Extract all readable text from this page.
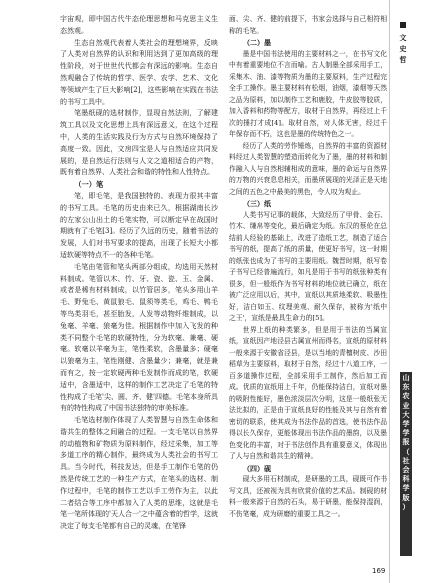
宇宙观，即中国古代牛态伦理思想和马克思主义生态然观。

生态自然观代表着人类社会的理想境界，反映了人类对自然界的认识和利用达到了更加高级的理性阶段，对于世世代代都会有深远的影响。生态自然观融合了传统的哲学、医学、农学、艺术、文化等领域产生了巨大影响[2]，这些影响在实践在书法的书写工具中。

笔墨纸砚的选材制作，显现自然法则，了解建筑工具以及文化思想上具有深远意义，在这个过程中，人类的生活实践及行为方式与自然环境保持了高度一致。因此，文房四宝是人与自然适应共同发展的，是自然运行法则与人文之道相适合的产物，既有着自然界、人类社会和谐的特性和人性特点。

（一）笔

笔，即毛笔，是我国独特的、表现力很其丰富的书写工具。毛笔的历史由来已久，根据湖南长沙的左家公山出土的毛笔实物，可以断定早在战国时期就有了毛笔[3]。经历了久远的历史，随着书法的发展，人们对书写要求的提高，出现了长短大小都适软硬等特点不一的各种毛笔。

毛笔由笔管和笔头两部分组成，均选用天然材料制成。笔管以木、竹、牙、瓷、瓷、玉、金属、或者是稀有材料制成，以竹管居多，笔头多用山羊毛、野兔毛、黄鼠狼毛、鼠须等类毛，鸡毛、鸭毛等鸟类羽毛，甚至胎发，人发等动物纤维制成，以兔毫、羊毫、狼毫为佳。根据制作中加入飞发的种类不同整个毛笔的软硬特性，分为软毫、兼毫、硬毫。软毫以羊毫为主，笔性柔软，含墨量多；硬毫以狼毫为主，笔性刚健、含墨量少；兼毫，就是兼而有之，按一定软硬两种毛发制作而成的笔，软硬适中，含墨适中，这样的制作工艺决定了毛笔的特性构成了毛笔'尖、圆、齐、健'四德。毛笔本身所具有的特性构成了中国书法独特的审美标准。

毛笔选材制作体现了人类智慧与自然生命体和谐共生的整体之间融合的过程。一支毛笔以自然界的动植物和矿物质为原料制作，经过采集，加工等多道工序的精心制作，最终成为人类社会的书写工具。当今时代，科技发达，但是手工制作毛笔的仍然是传统工艺的一种生产方式，在笔头的选材、制作过程中，毛笔的制作工艺以手工劳作为主，以此二者结合等工序中都加入了人类的思维，这就是毛笔一笔所体现的'天人合一'之中蕴含着的哲学，这就决定了每支毛笔都有自己的灵魂，在笔锋

面、尖、齐、健的前提下，书家会选择与自己相符相称的毛笔。

（二）墨

墨是中国书法使用的主要材料之一，在书写文化中有着重要地位不言而喻。古人制墨全部采用手工，采集木、油、漆等物质为墨的主要原料，生产过程完全手工操作。墨主要材料有松烟，油烟，漆烟等天然之品为原料，加以制作工艺和鹿胶，牛皮胶等胶质，加入香料和药物等配方，取材于自然界，再经过上千次的捶打才成[4]。取材自然，对人体无害，经过千年保存而不朽，这也是墨的传统特色之一。

经历了人类的劳作锤炼，自然界的丰富的资源材料经过人类智慧的塑造而转化为了墨，墨的材料和制作融入人与自然相辅相成的意味，墨的命运与自然界的万物的兴衰息息相关，而墨所展现的光泽正是天地之间的五色之中最美的黑色，令人叹为观止。

（三）纸

人类书写记事的载体，大致经历了甲骨、金石、竹木、缣帛等变化，最后确定为纸。东汉的蔡伦在总结前人经验的基础上，改进了造纸工艺，制造了适合书写的纸，提高了纸的质量，使更好书写，这一时期的纸张也成为了书写的主要用纸。魏晋时期，纸写卷子书写已经普遍流行，如凡是用于书写的纸张种类有很多，但一般纸作为书写材料的地位就已确立，纸在被广泛应用以后，其中，宣纸以其质地柔软、吸墨性好，洁白如玉、纹理美观、耐久保存，被称为'纸中之王'，宣纸是最具生命力的[5]。

世界上纸的种类繁多，但是用于书法的当属宣纸，宣纸因产地泾县古属宣州而得名，宣纸的原材料一般来源于安徽省泾县，是以当地的青檀树皮、沙田稻草为主要原料，取材于自然，经过十八道工序，一百多道操作过程，全部采用手工制作，然后加工而成。优质的宣纸用上千年，仍能保持洁白，宣纸对墨的吸附性能好，墨色浓淡层次分明，这是一般纸张无法比拟的，正是由于宣纸良好的性能及其与自然有着密切的联系，使其成为书法作品的首选，使书法作品得以长久保存，更能体现出书法作品的墨韵，以及墨色变化的丰富，对于书法创作具有重要意义，体现出了人与自然和谐共生的精神。

（四）砚

砚大多用石材制成，是研墨的工具，砚既可作书写文具，还被视为具有欣赏价值的艺术品。制砚的材料一般来源于自然的石头，易于研墨，能保持湿润，不伤笔毫，成为研磨的重要工具之一。

文
史
哲
山
东
农
业
大
学
学
报
（
社
会
科
学
版
）
169
